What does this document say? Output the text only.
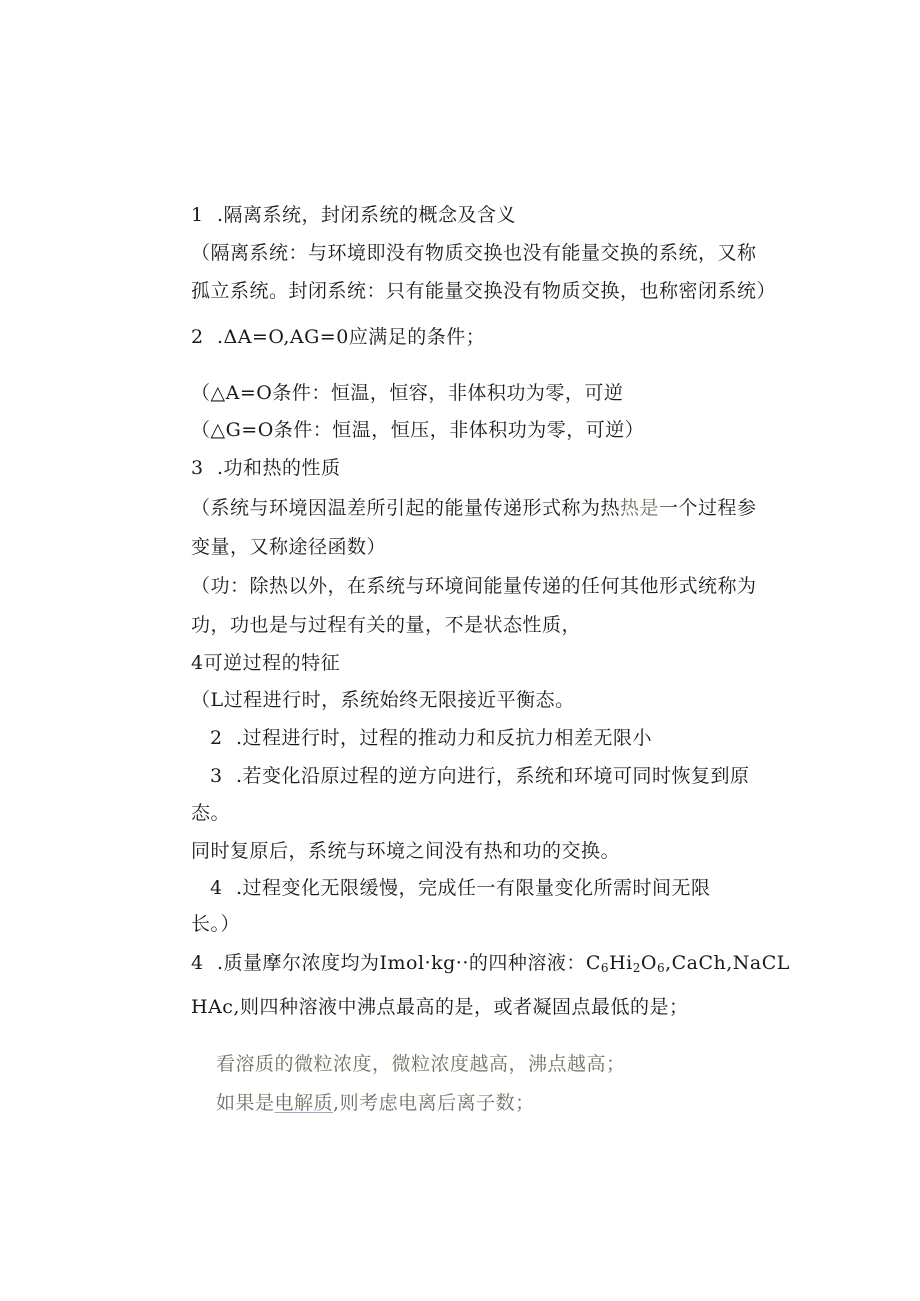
1 .隔离系统，封闭系统的概念及含义
（隔离系统：与环境即没有物质交换也没有能量交换的系统，又称
孤立系统。封闭系统：只有能量交换没有物质交换，也称密闭系统）
2 .ΔA=O,AG=0应满足的条件；
（△A=O条件：恒温，恒容，非体积功为零，可逆
（△G=O条件：恒温，恒压，非体积功为零，可逆）
3 .功和热的性质
（系统与环境因温差所引起的能量传递形式称为热热是一个过程参
变量，又称途径函数）
（功：除热以外，在系统与环境间能量传递的任何其他形式统称为
功，功也是与过程有关的量，不是状态性质，
4可逆过程的特征
（L过程进行时，系统始终无限接近平衡态。
2 .过程进行时，过程的推动力和反抗力相差无限小
3 .若变化沿原过程的逆方向进行，系统和环境可同时恢复到原
态。
同时复原后，系统与环境之间没有热和功的交换。
4 .过程变化无限缓慢，完成任一有限量变化所需时间无限
长。）
4 .质量摩尔浓度均为Imol·kg··的四种溶液：$C_6Hi_2O_6,CaCh,NaCL$
HAc,则四种溶液中沸点最高的是，或者凝固点最低的是；
看溶质的微粒浓度，微粒浓度越高，沸点越高；
如果是电解质,则考虑电离后离子数；
